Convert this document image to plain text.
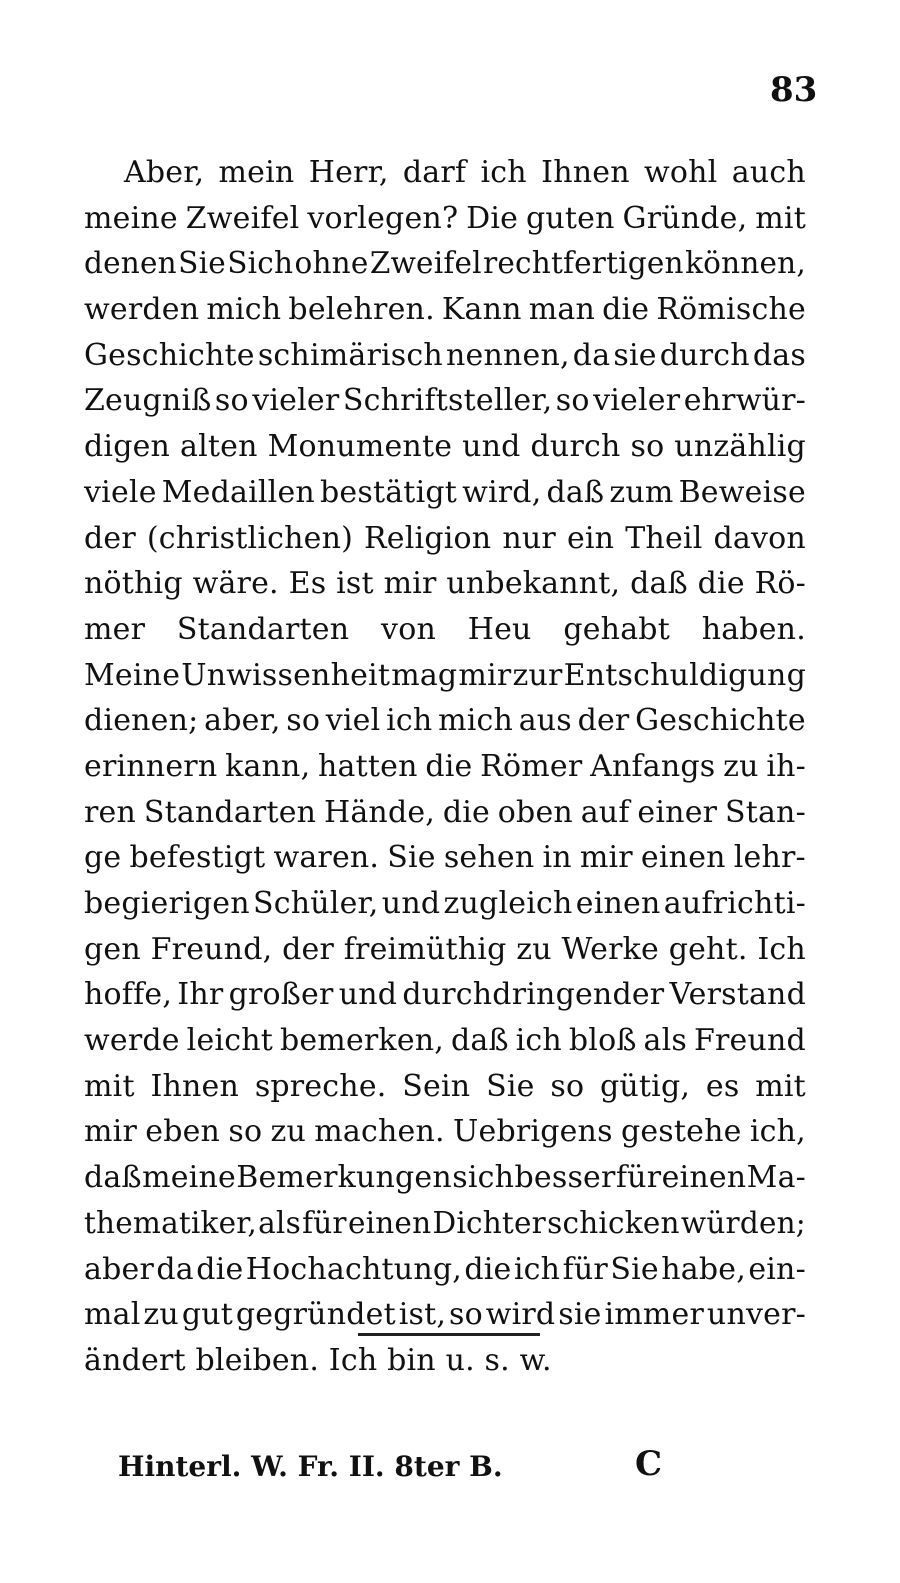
83
Aber, mein Herr, darf ich Ihnen wohl auch
meine Zweifel vorlegen? Die guten Gründe, mit
denen Sie Sich ohne Zweifel rechtfertigen können,
werden mich belehren. Kann man die Römische
Geschichte schimärisch nennen, da sie durch das
Zeugniß so vieler Schriftsteller, so vieler ehrwür-
digen alten Monumente und durch so unzählig
viele Medaillen bestätigt wird, daß zum Beweise
der (christlichen) Religion nur ein Theil davon
nöthig wäre. Es ist mir unbekannt, daß die Rö-
mer Standarten von Heu gehabt haben.
Meine Unwissenheit mag mir zur Entschuldigung
dienen; aber, so viel ich mich aus der Geschichte
erinnern kann, hatten die Römer Anfangs zu ih-
ren Standarten Hände, die oben auf einer Stan-
ge befestigt waren. Sie sehen in mir einen lehr-
begierigen Schüler, und zugleich einen aufrichti-
gen Freund, der freimüthig zu Werke geht. Ich
hoffe, Ihr großer und durchdringender Verstand
werde leicht bemerken, daß ich bloß als Freund
mit Ihnen spreche. Sein Sie so gütig, es mit
mir eben so zu machen. Uebrigens gestehe ich,
daß meine Bemerkungen sich besser für einen Ma-
thematiker, als für einen Dichter schicken würden;
aber da die Hochachtung, die ich für Sie habe, ein-
mal zu gut gegründet ist, so wird sie immer unver-
ändert bleiben. Ich bin u. s. w.
Hinterl. W. Fr. II. 8ter B.	C
